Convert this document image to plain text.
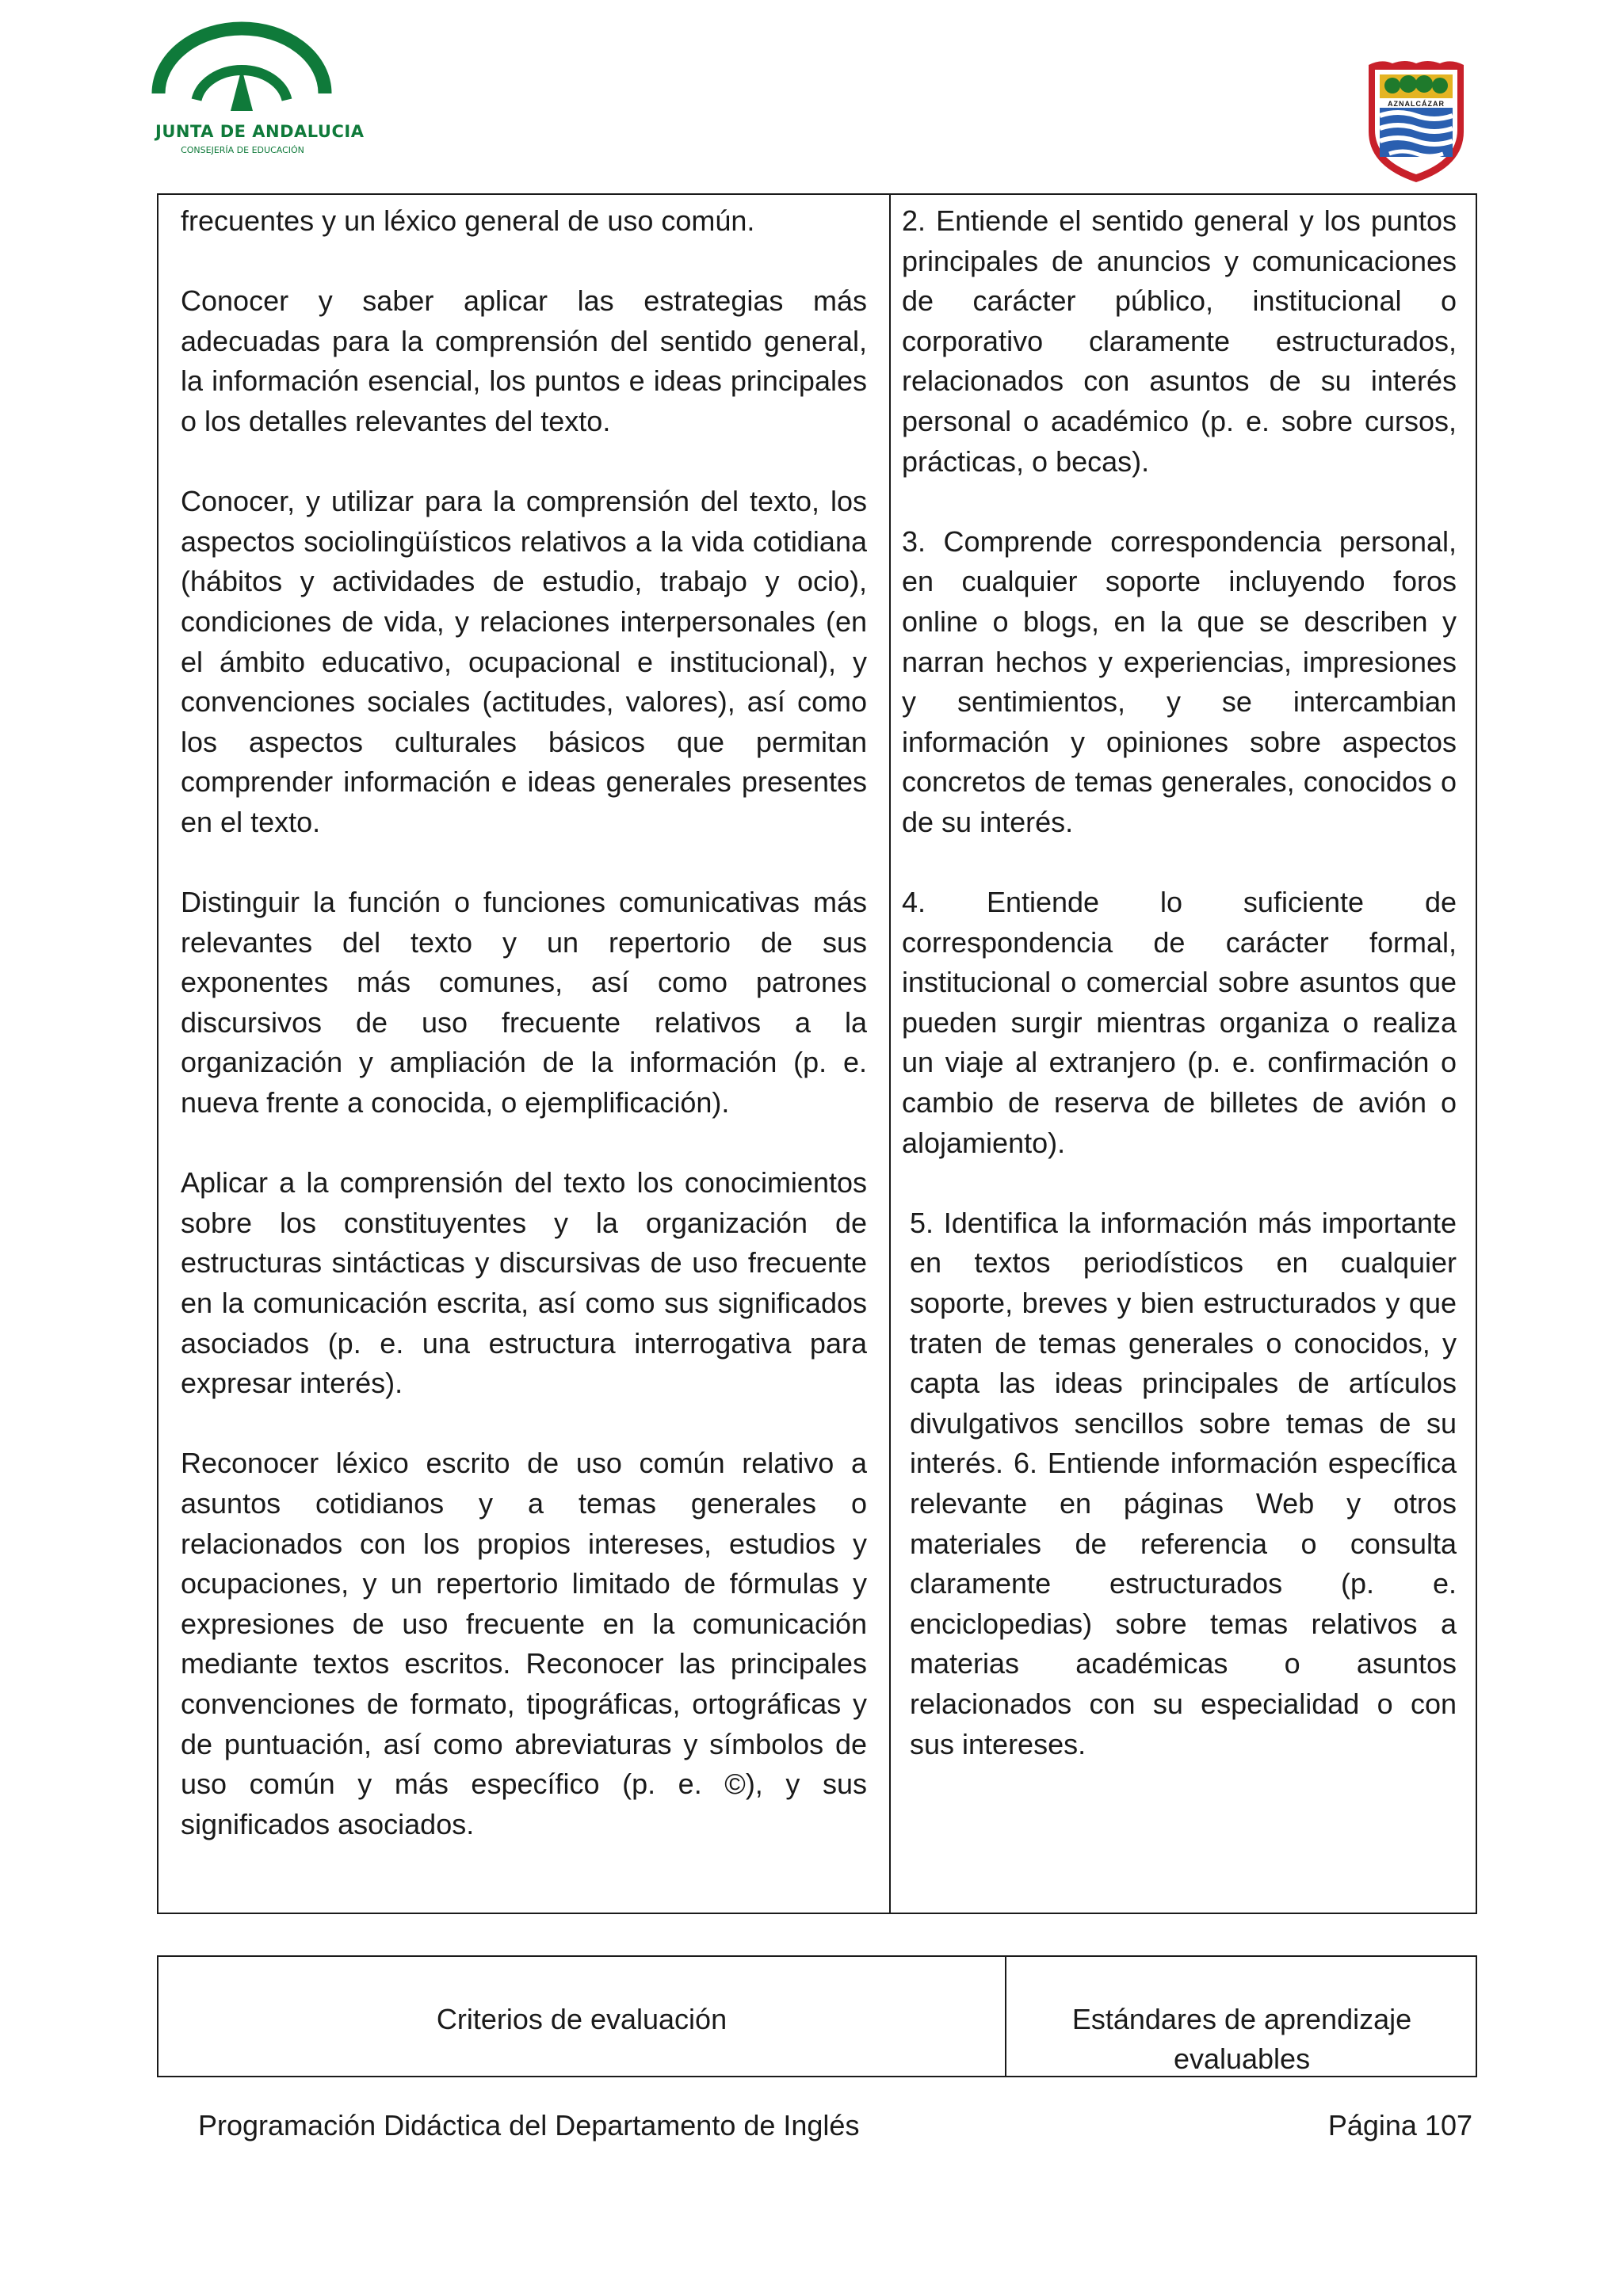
JUNTA DE ANDALUCIA
CONSEJERÍA DE EDUCACIÓN
AZNALCÁZAR

frecuentes y un léxico general de uso común.

Conocer y saber aplicar las estrategias más adecuadas para la comprensión del sentido general, la información esencial, los puntos e ideas principales o los detalles relevantes del texto.

Conocer, y utilizar para la comprensión del texto, los aspectos sociolingüísticos relativos a la vida cotidiana (hábitos y actividades de estudio, trabajo y ocio), condiciones de vida, y relaciones interpersonales (en el ámbito educativo, ocupacional e institucional), y convenciones sociales (actitudes, valores), así como los aspectos culturales básicos que permitan comprender información e ideas generales presentes en el texto.

Distinguir la función o funciones comunicativas más relevantes del texto y un repertorio de sus exponentes más comunes, así como patrones discursivos de uso frecuente relativos a la organización y ampliación de la información (p. e. nueva frente a conocida, o ejemplificación).

Aplicar a la comprensión del texto los conocimientos sobre los constituyentes y la organización de estructuras sintácticas y discursivas de uso frecuente en la comunicación escrita, así como sus significados asociados (p. e. una estructura interrogativa para expresar interés).

Reconocer léxico escrito de uso común relativo a asuntos cotidianos y a temas generales o relacionados con los propios intereses, estudios y ocupaciones, y un repertorio limitado de fórmulas y expresiones de uso frecuente en la comunicación mediante textos escritos. Reconocer las principales convenciones de formato, tipográficas, ortográficas y de puntuación, así como abreviaturas y símbolos de uso común y más específico (p. e. ©), y sus significados asociados.

2. Entiende el sentido general y los puntos principales de anuncios y comunicaciones de carácter público, institucional o corporativo claramente estructurados, relacionados con asuntos de su interés personal o académico (p. e. sobre cursos, prácticas, o becas).

3. Comprende correspondencia personal, en cualquier soporte incluyendo foros online o blogs, en la que se describen y narran hechos y experiencias, impresiones y sentimientos, y se intercambian información y opiniones sobre aspectos concretos de temas generales, conocidos o de su interés.

4. Entiende lo suficiente de correspondencia de carácter formal, institucional o comercial sobre asuntos que pueden surgir mientras organiza o realiza un viaje al extranjero (p. e. confirmación o cambio de reserva de billetes de avión o alojamiento).

5. Identifica la información más importante en textos periodísticos en cualquier soporte, breves y bien estructurados y que traten de temas generales o conocidos, y capta las ideas principales de artículos divulgativos sencillos sobre temas de su interés. 6. Entiende información específica relevante en páginas Web y otros materiales de referencia o consulta claramente estructurados (p. e. enciclopedias) sobre temas relativos a materias académicas o asuntos relacionados con su especialidad o con sus intereses.

Criterios de evaluación	Estándares de aprendizaje evaluables
Programación Didáctica del Departamento de Inglés	Página 107
